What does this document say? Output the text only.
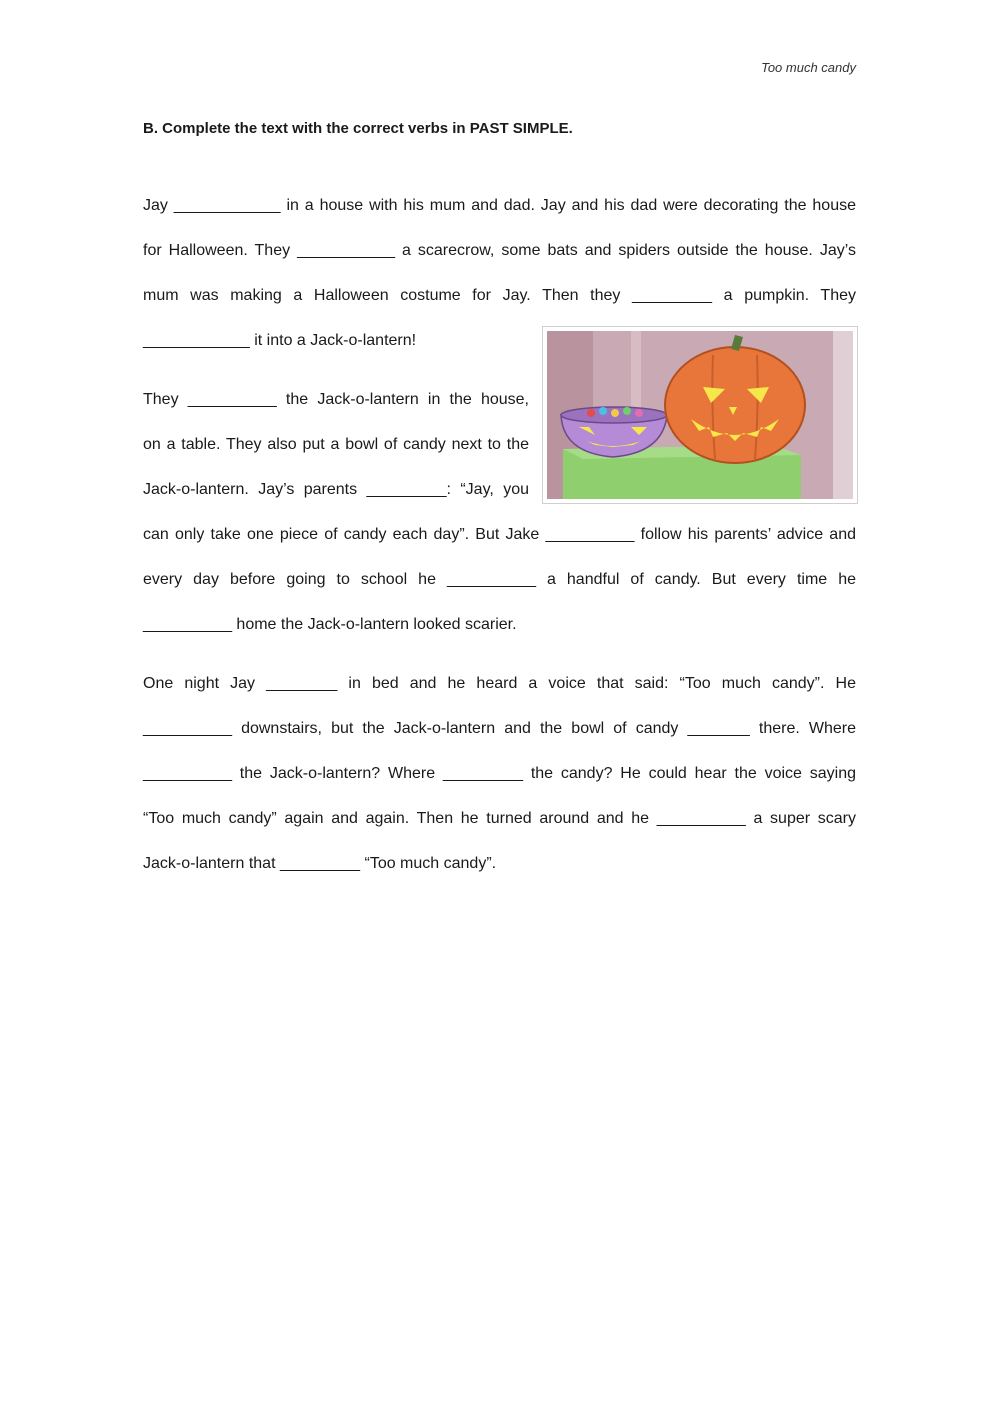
Too much candy
B. Complete the text with the correct verbs in PAST SIMPLE.
Jay ____________ in a house with his mum and dad. Jay and his dad were decorating the house
for Halloween. They ___________ a scarecrow, some bats and spiders outside the house. Jay’s
mum was making a Halloween costume for Jay. Then they _________ a pumpkin. They
____________ it into a Jack-o-lantern!
They __________ the Jack-o-lantern in the house,
on a table. They also put a bowl of candy next to the
Jack-o-lantern. Jay’s parents _________: “Jay, you
can only take one piece of candy each day”. But Jake __________ follow his parents’ advice and
every day before going to school he __________ a handful of candy. But every time he
__________ home the Jack-o-lantern looked scarier.
One night Jay ________ in bed and he heard a voice that said: “Too much candy”. He
__________ downstairs, but the Jack-o-lantern and the bowl of candy _______ there. Where
__________ the Jack-o-lantern? Where _________ the candy? He could hear the voice saying
“Too much candy” again and again. Then he turned around and he __________ a super scary
Jack-o-lantern that _________ “Too much candy”.
